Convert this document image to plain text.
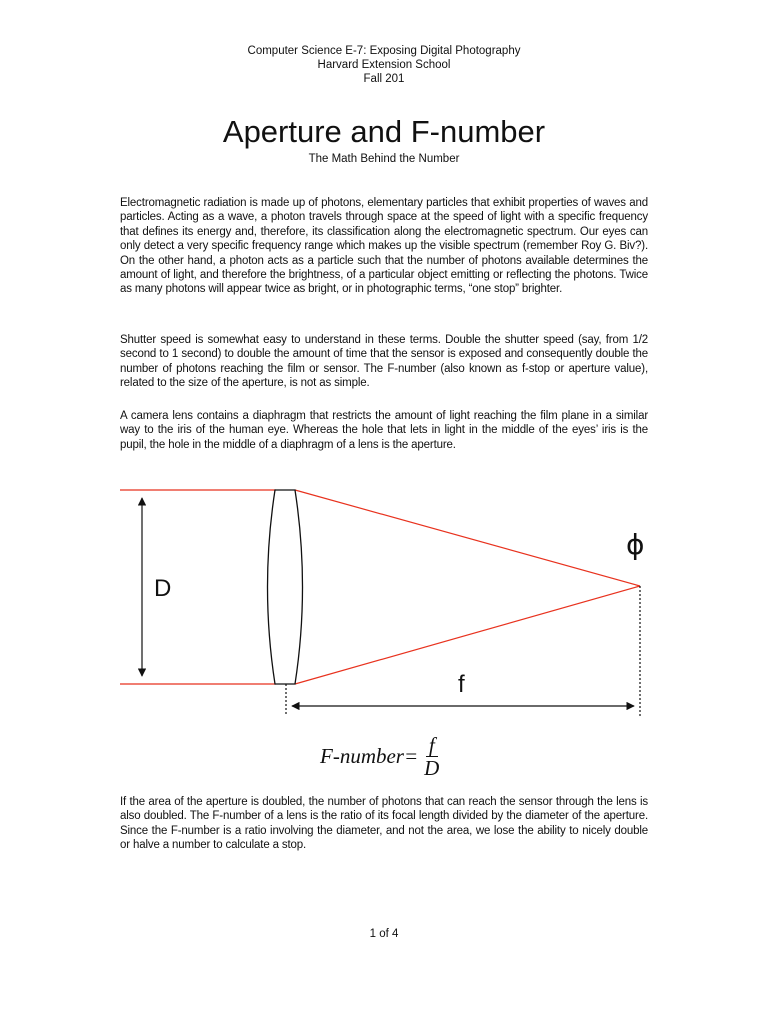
Computer Science E-7: Exposing Digital Photography
Harvard Extension School
Fall 201
Aperture and F-number
The Math Behind the Number

Electromagnetic radiation is made up of photons, elementary particles that exhibit properties of waves and particles. Acting as a wave, a photon travels through space at the speed of light with a specific frequency that defines its energy and, therefore, its classification along the electromagnetic spectrum. Our eyes can only detect a very specific frequency range which makes up the visible spectrum (remember Roy G. Biv?). On the other hand, a photon acts as a particle such that the number of photons available determines the amount of light, and therefore the brightness, of a particular object emitting or reflecting the photons. Twice as many photons will appear twice as bright, or in photographic terms, “one stop” brighter.

Shutter speed is somewhat easy to understand in these terms. Double the shutter speed (say, from 1/2 second to 1 second) to double the amount of time that the sensor is exposed and consequently double the number of photons reaching the film or sensor. The F-number (also known as f-stop or aperture value), related to the size of the aperture, is not as simple.

A camera lens contains a diaphragm that restricts the amount of light reaching the film plane in a similar way to the iris of the human eye. Whereas the hole that lets in light in the middle of the eyes’ iris is the pupil, the hole in the middle of a diaphragm of a lens is the aperture.

D
f
ϕ
F-number= $\frac{f}{D}$

If the area of the aperture is doubled, the number of photons that can reach the sensor through the lens is also doubled. The F-number of a lens is the ratio of its focal length divided by the diameter of the aperture. Since the F-number is a ratio involving the diameter, and not the area, we lose the ability to nicely double or halve a number to calculate a stop.

1 of 4
